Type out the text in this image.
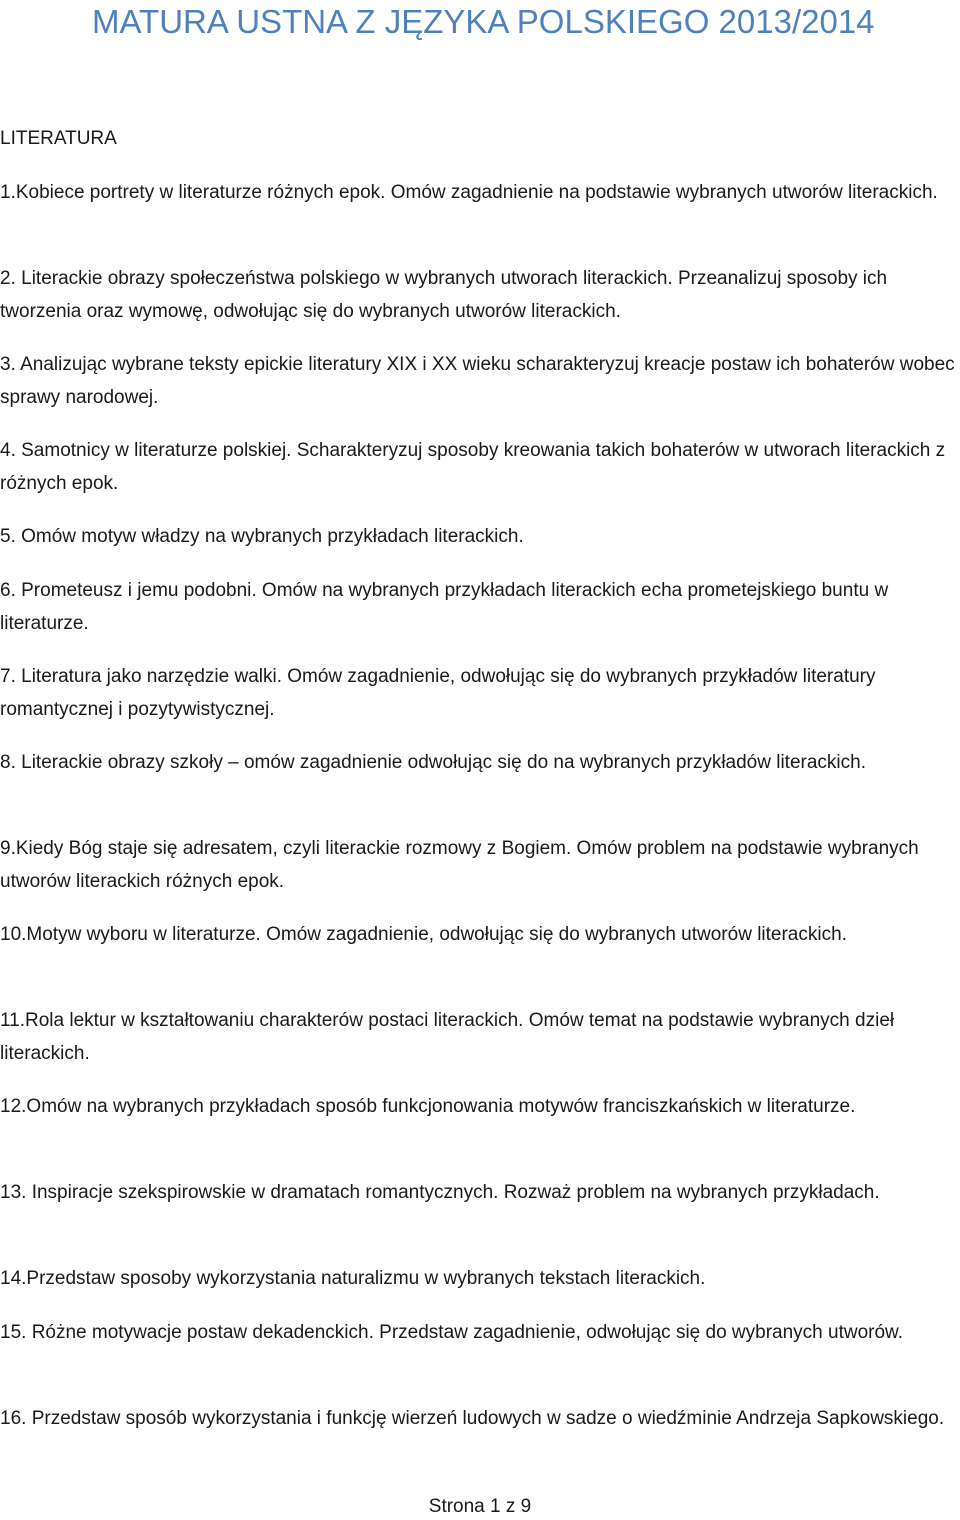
MATURA USTNA Z JĘZYKA POLSKIEGO 2013/2014
LITERATURA
1.Kobiece portrety w literaturze różnych epok. Omów zagadnienie na podstawie wybranych utworów literackich.
2. Literackie obrazy społeczeństwa polskiego w wybranych utworach literackich. Przeanalizuj sposoby ich tworzenia oraz wymowę, odwołując się do wybranych utworów literackich.
3. Analizując wybrane teksty epickie literatury XIX i XX wieku scharakteryzuj kreacje postaw ich bohaterów wobec sprawy narodowej.
4. Samotnicy w literaturze polskiej. Scharakteryzuj sposoby kreowania takich bohaterów w utworach literackich z różnych epok.
5. Omów motyw władzy na wybranych przykładach literackich.
6. Prometeusz i jemu podobni. Omów na wybranych przykładach literackich echa prometejskiego buntu w literaturze.
7. Literatura jako narzędzie walki. Omów zagadnienie, odwołując się do wybranych przykładów literatury romantycznej i pozytywistycznej.
8. Literackie obrazy szkoły – omów zagadnienie odwołując się do na wybranych przykładów literackich.
9.Kiedy Bóg staje się adresatem, czyli literackie rozmowy z Bogiem. Omów problem na podstawie wybranych utworów literackich różnych epok.
10.Motyw wyboru w literaturze. Omów zagadnienie, odwołując się do wybranych utworów literackich.
11.Rola lektur w kształtowaniu charakterów postaci literackich. Omów temat na podstawie wybranych dzieł literackich.
12.Omów na wybranych przykładach sposób funkcjonowania motywów franciszkańskich w literaturze.
13. Inspiracje szekspirowskie w dramatach romantycznych. Rozważ problem na wybranych przykładach.
14.Przedstaw sposoby wykorzystania naturalizmu w wybranych tekstach literackich.
15. Różne motywacje postaw dekadenckich. Przedstaw zagadnienie, odwołując się do wybranych utworów.
16. Przedstaw sposób wykorzystania i funkcję wierzeń ludowych w sadze o wiedźminie Andrzeja Sapkowskiego.
Strona 1 z 9
